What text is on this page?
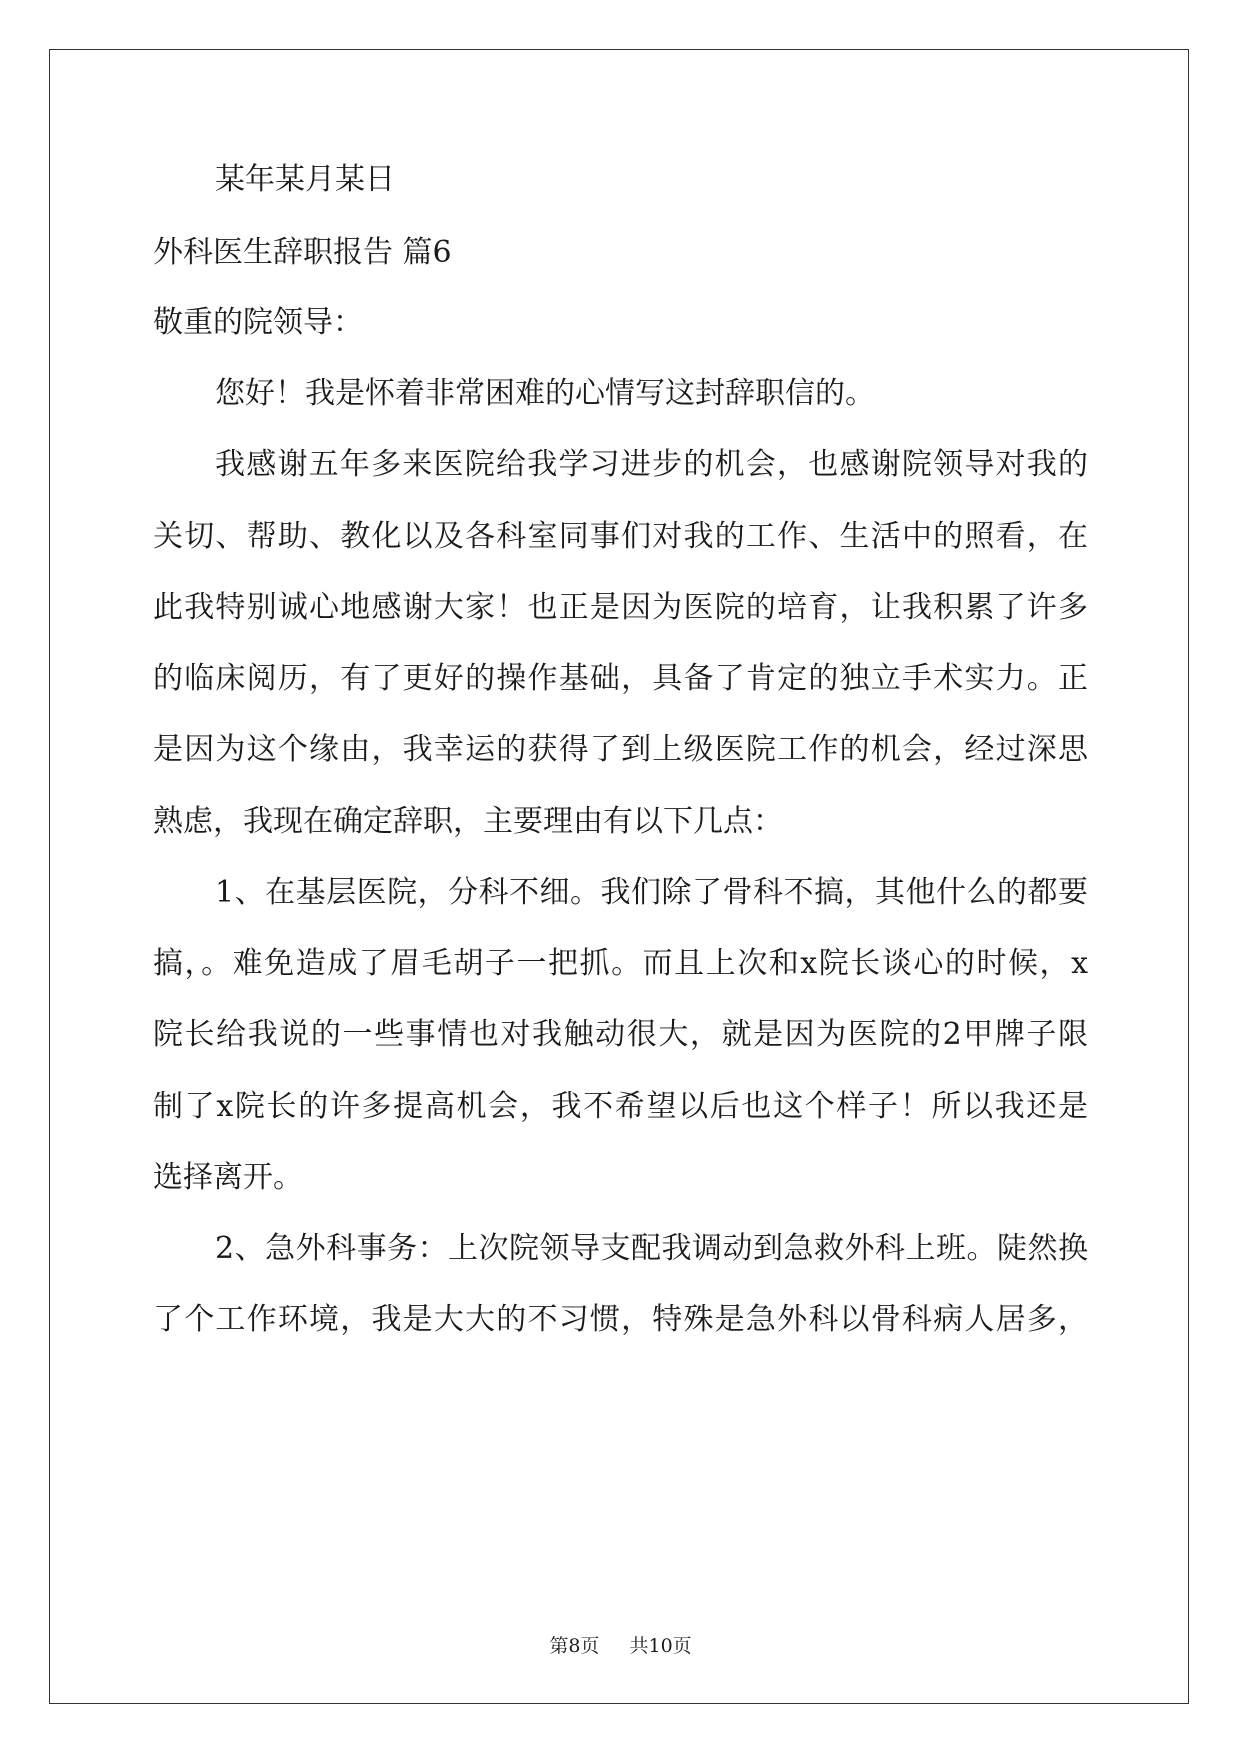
某年某月某日
外科医生辞职报告 篇6
敬重的院领导：
您好！我是怀着非常困难的心情写这封辞职信的。
我感谢五年多来医院给我学习进步的机会，也感谢院领导对我的
关切、帮助、教化以及各科室同事们对我的工作、生活中的照看，在
此我特别诚心地感谢大家！也正是因为医院的培育，让我积累了许多
的临床阅历，有了更好的操作基础，具备了肯定的独立手术实力。正
是因为这个缘由，我幸运的获得了到上级医院工作的机会，经过深思
熟虑，我现在确定辞职，主要理由有以下几点：
1、在基层医院，分科不细。我们除了骨科不搞，其他什么的都要
搞，。难免造成了眉毛胡子一把抓。而且上次和x院长谈心的时候，x
院长给我说的一些事情也对我触动很大，就是因为医院的2甲牌子限
制了x院长的许多提高机会，我不希望以后也这个样子！所以我还是
选择离开。
2、急外科事务：上次院领导支配我调动到急救外科上班。陡然换
了个工作环境，我是大大的不习惯，特殊是急外科以骨科病人居多，
第8页 共10页
